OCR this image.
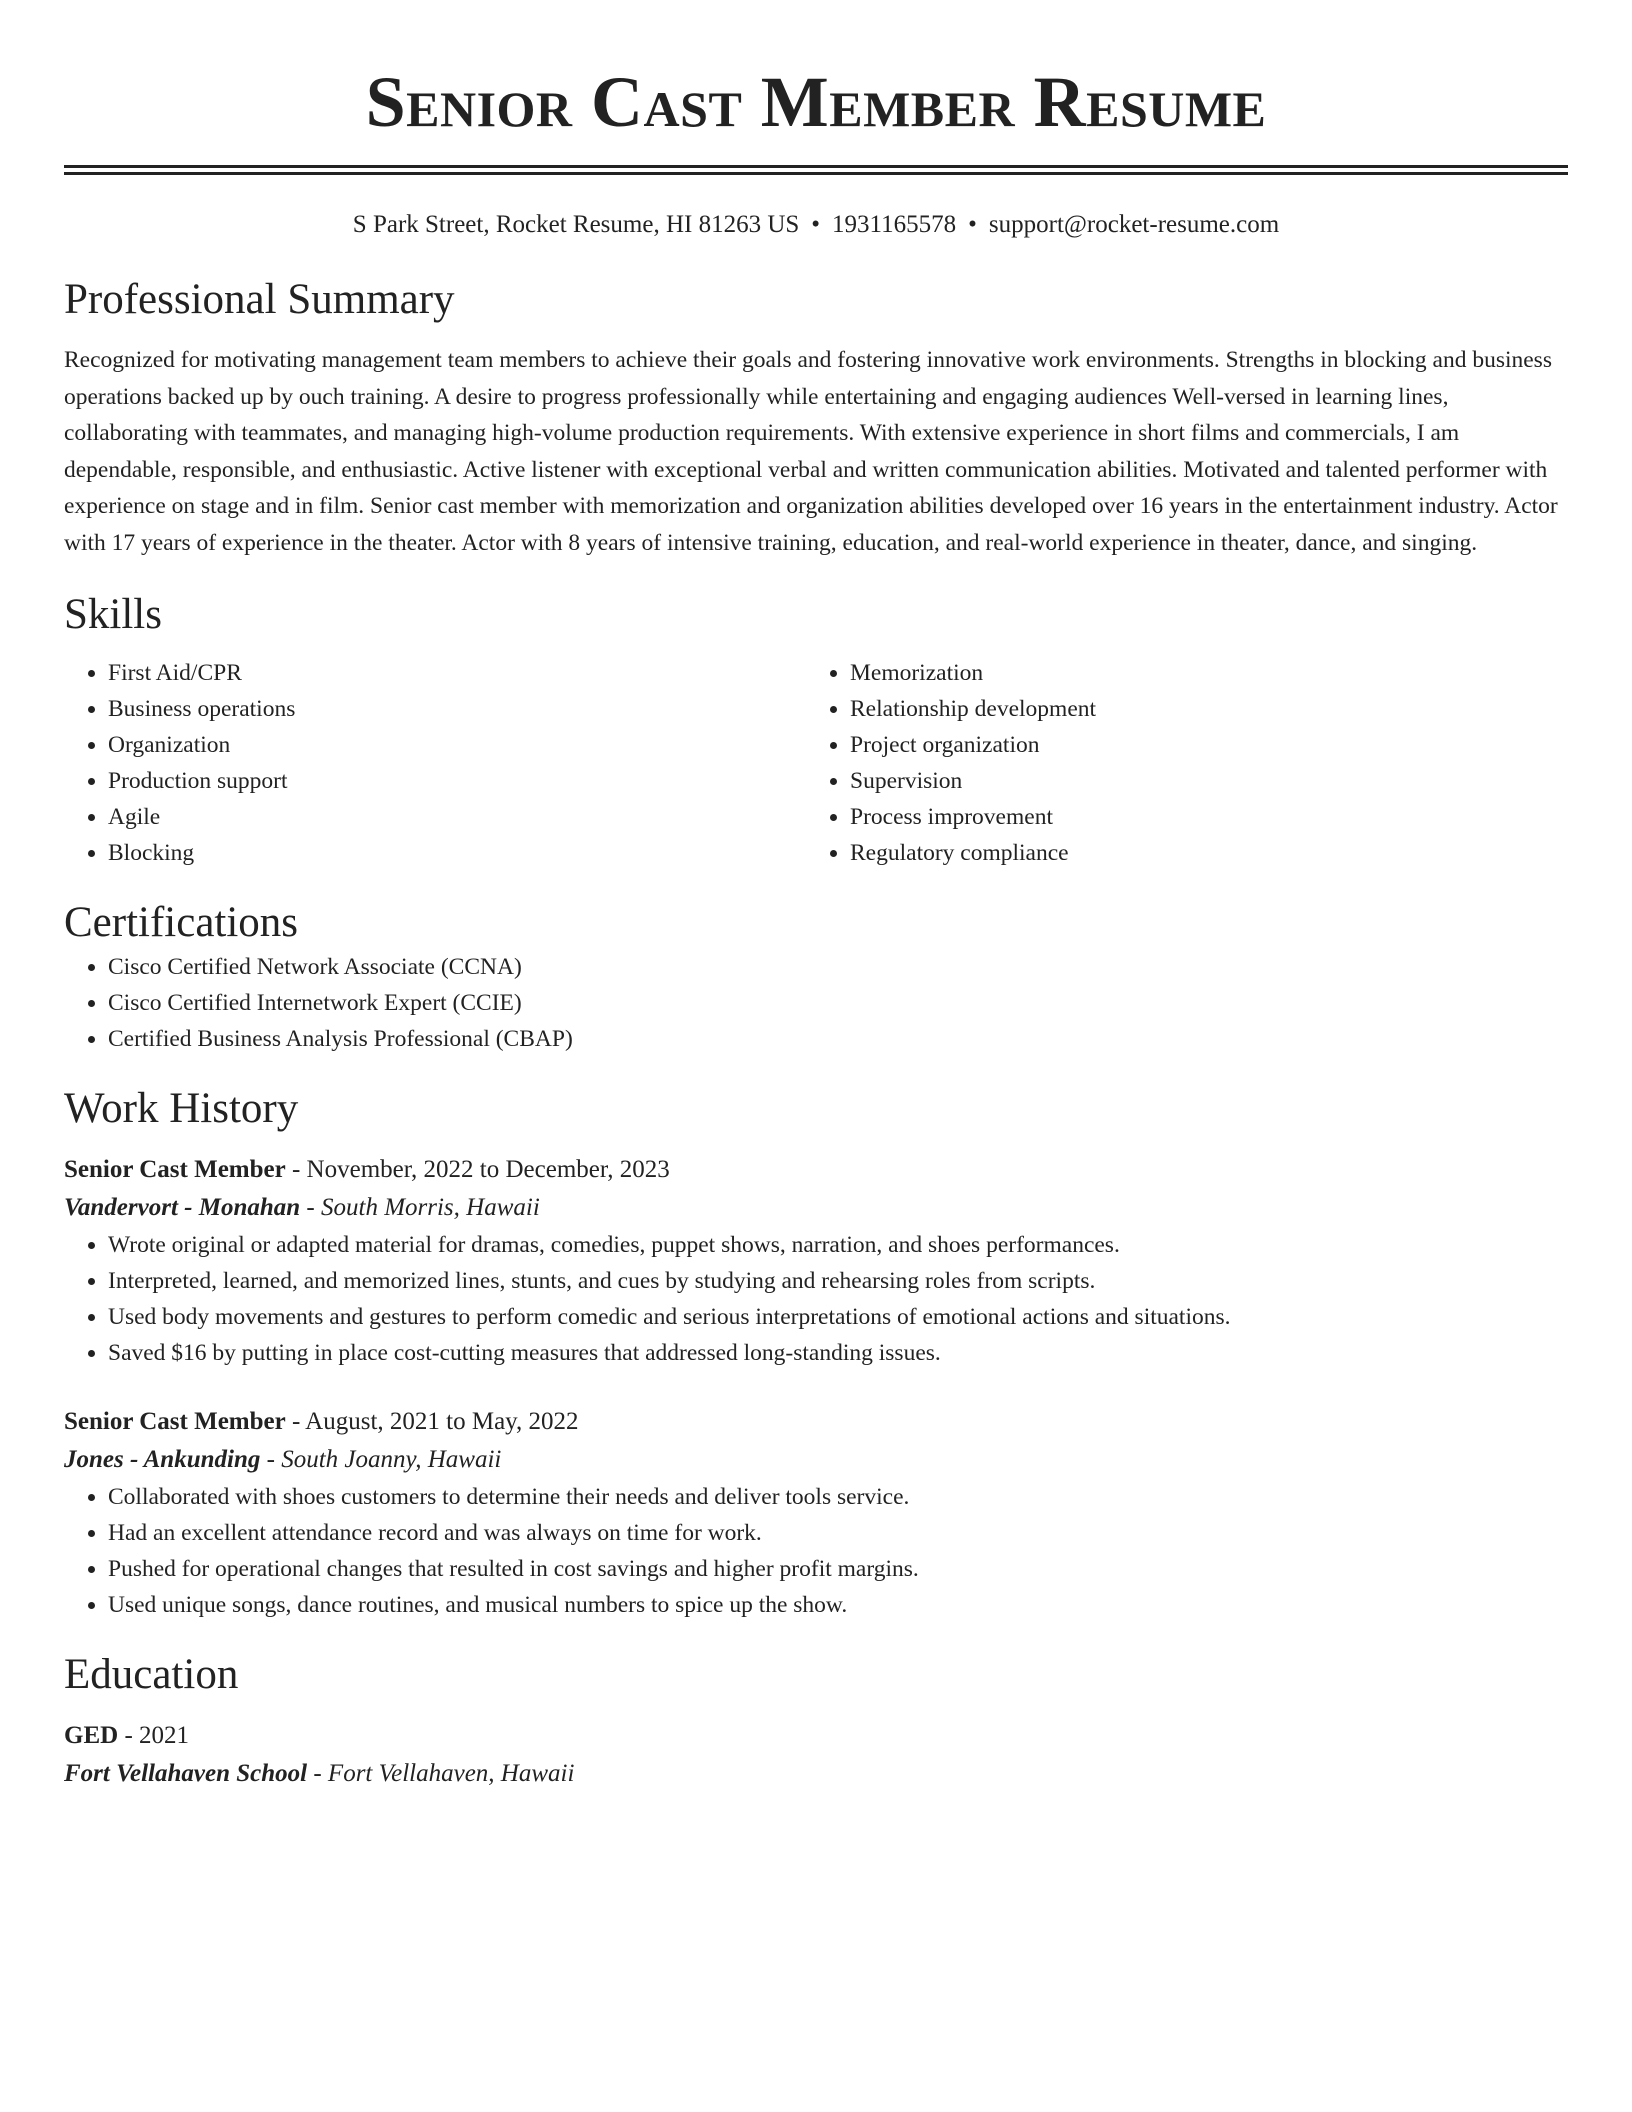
Senior Cast Member Resume
S Park Street, Rocket Resume, HI 81263 US • 1931165578 • support@rocket-resume.com
Professional Summary

Recognized for motivating management team members to achieve their goals and fostering innovative work environments. Strengths in blocking and business operations backed up by ouch training. A desire to progress professionally while entertaining and engaging audiences Well-versed in learning lines, collaborating with teammates, and managing high-volume production requirements. With extensive experience in short films and commercials, I am dependable, responsible, and enthusiastic. Active listener with exceptional verbal and written communication abilities. Motivated and talented performer with experience on stage and in film. Senior cast member with memorization and organization abilities developed over 16 years in the entertainment industry. Actor with 17 years of experience in the theater. Actor with 8 years of intensive training, education, and real-world experience in theater, dance, and singing.

Skills
• First Aid/CPR
• Business operations
• Organization
• Production support
• Agile
• Blocking
• Memorization
• Relationship development
• Project organization
• Supervision
• Process improvement
• Regulatory compliance
Certifications
• Cisco Certified Network Associate (CCNA)
• Cisco Certified Internetwork Expert (CCIE)
• Certified Business Analysis Professional (CBAP)
Work History
Senior Cast Member - November, 2022 to December, 2023
Vandervort - Monahan - South Morris, Hawaii
• Wrote original or adapted material for dramas, comedies, puppet shows, narration, and shoes performances.
• Interpreted, learned, and memorized lines, stunts, and cues by studying and rehearsing roles from scripts.
• Used body movements and gestures to perform comedic and serious interpretations of emotional actions and situations.
• Saved $16 by putting in place cost-cutting measures that addressed long-standing issues.
Senior Cast Member - August, 2021 to May, 2022
Jones - Ankunding - South Joanny, Hawaii
• Collaborated with shoes customers to determine their needs and deliver tools service.
• Had an excellent attendance record and was always on time for work.
• Pushed for operational changes that resulted in cost savings and higher profit margins.
• Used unique songs, dance routines, and musical numbers to spice up the show.
Education
GED - 2021
Fort Vellahaven School - Fort Vellahaven, Hawaii
